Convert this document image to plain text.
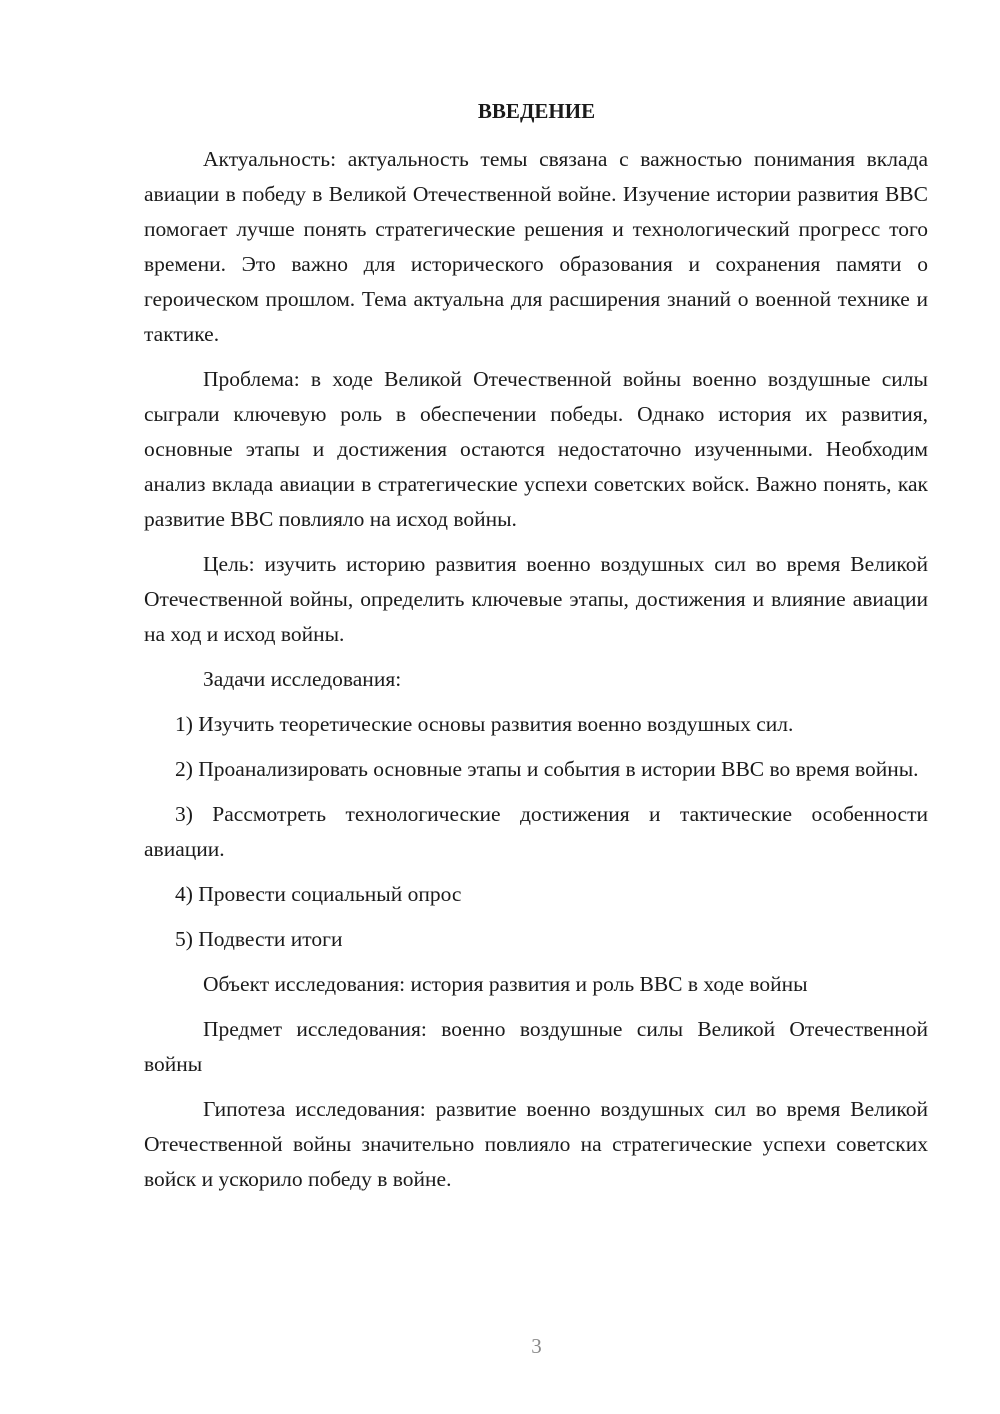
ВВЕДЕНИЕ

Актуальность: актуальность темы связана с важностью понимания вклада авиации в победу в Великой Отечественной войне. Изучение истории развития ВВС помогает лучше понять стратегические решения и технологический прогресс того времени. Это важно для исторического образования и сохранения памяти о героическом прошлом. Тема актуальна для расширения знаний о военной технике и тактике.

Проблема: в ходе Великой Отечественной войны военно воздушные силы сыграли ключевую роль в обеспечении победы. Однако история их развития, основные этапы и достижения остаются недостаточно изученными. Необходим анализ вклада авиации в стратегические успехи советских войск. Важно понять, как развитие ВВС повлияло на исход войны.

Цель: изучить историю развития военно воздушных сил во время Великой Отечественной войны, определить ключевые этапы, достижения и влияние авиации на ход и исход войны.

Задачи исследования:

1) Изучить теоретические основы развития военно воздушных сил.

2) Проанализировать основные этапы и события в истории ВВС во время войны.

3) Рассмотреть технологические достижения и тактические особенности авиации.

4) Провести социальный опрос

5) Подвести итоги

Объект исследования: история развития и роль ВВС в ходе войны

Предмет исследования: военно воздушные силы Великой Отечественной войны

Гипотеза исследования: развитие военно воздушных сил во время Великой Отечественной войны значительно повлияло на стратегические успехи советских войск и ускорило победу в войне.

3
